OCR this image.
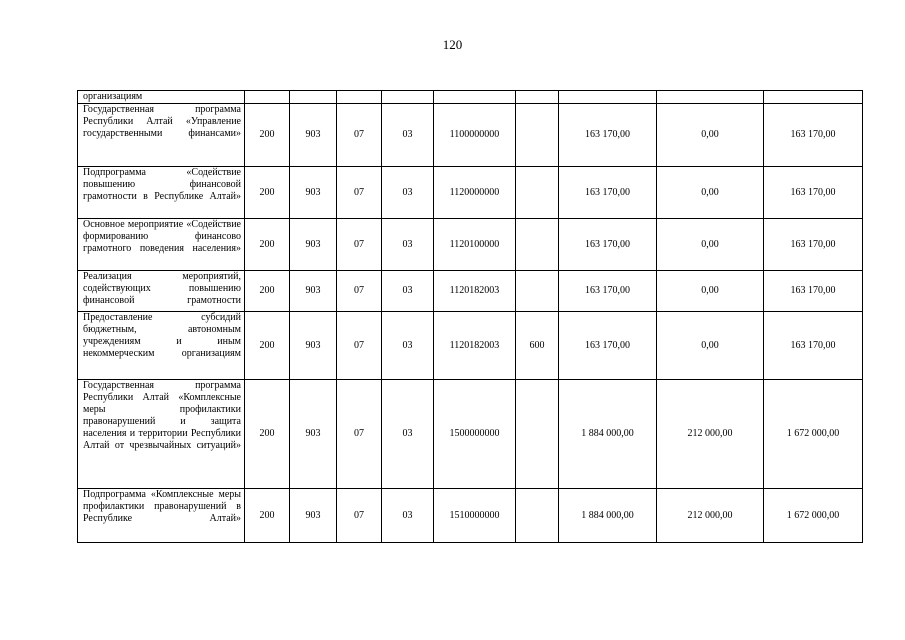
120
организациям									

Государственная программа Республики Алтай «Управление государственными финансами»	200	903	07	03	1100000000		163 170,00	0,00	163 170,00

Подпрограмма «Содействие повышению финансовой грамотности в Республике Алтай»	200	903	07	03	1120000000		163 170,00	0,00	163 170,00

Основное мероприятие «Содействие формированию финансово грамотного поведения населения»	200	903	07	03	1120100000		163 170,00	0,00	163 170,00

Реализация мероприятий, содействующих повышению финансовой грамотности	200	903	07	03	1120182003		163 170,00	0,00	163 170,00

Предоставление субсидий бюджетным, автономным учреждениям и иным некоммерческим организациям	200	903	07	03	1120182003	600	163 170,00	0,00	163 170,00

Государственная программа Республики Алтай «Комплексные меры профилактики правонарушений и защита населения и территории Республики Алтай от чрезвычайных ситуаций»	200	903	07	03	1500000000		1 884 000,00	212 000,00	1 672 000,00

Подпрограмма «Комплексные меры профилактики правонарушений в Республике Алтай»	200	903	07	03	1510000000		1 884 000,00	212 000,00	1 672 000,00
